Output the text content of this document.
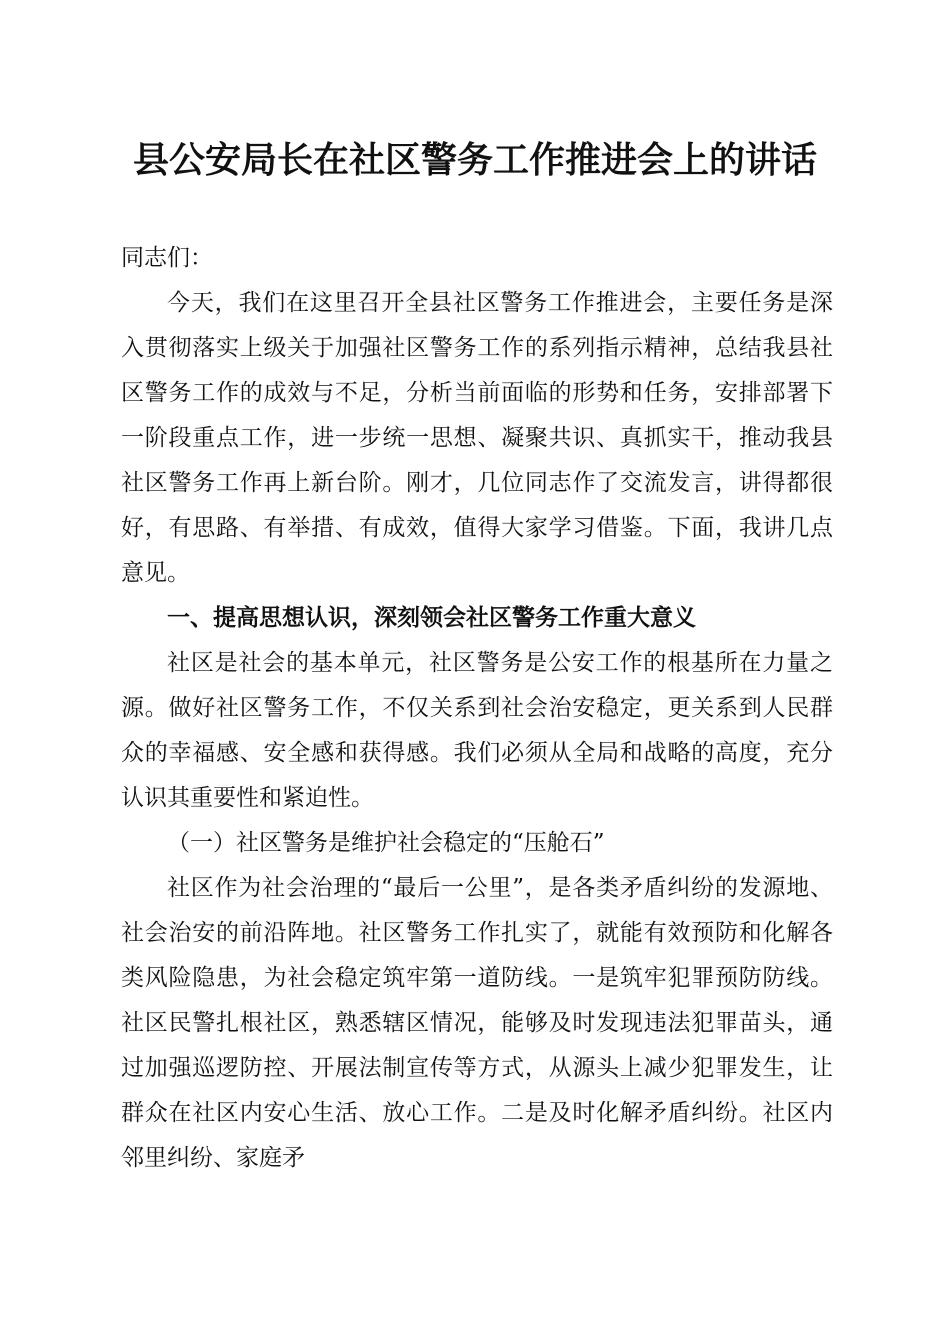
县公安局长在社区警务工作推进会上的讲话

同志们：

今天，我们在这里召开全县社区警务工作推进会，主要任务是深入贯彻落实上级关于加强社区警务工作的系列指示精神，总结我县社区警务工作的成效与不足，分析当前面临的形势和任务，安排部署下一阶段重点工作，进一步统一思想、凝聚共识、真抓实干，推动我县社区警务工作再上新台阶。刚才，几位同志作了交流发言，讲得都很好，有思路、有举措、有成效，值得大家学习借鉴。下面，我讲几点意见。

一、提高思想认识，深刻领会社区警务工作重大意义

社区是社会的基本单元，社区警务是公安工作的根基所在力量之源。做好社区警务工作，不仅关系到社会治安稳定，更关系到人民群众的幸福感、安全感和获得感。我们必须从全局和战略的高度，充分认识其重要性和紧迫性。

（一）社区警务是维护社会稳定的“压舱石”

社区作为社会治理的“最后一公里”，是各类矛盾纠纷的发源地、社会治安的前沿阵地。社区警务工作扎实了，就能有效预防和化解各类风险隐患，为社会稳定筑牢第一道防线。一是筑牢犯罪预防防线。社区民警扎根社区，熟悉辖区情况，能够及时发现违法犯罪苗头，通过加强巡逻防控、开展法制宣传等方式，从源头上减少犯罪发生，让群众在社区内安心生活、放心工作。二是及时化解矛盾纠纷。社区内邻里纠纷、家庭矛
